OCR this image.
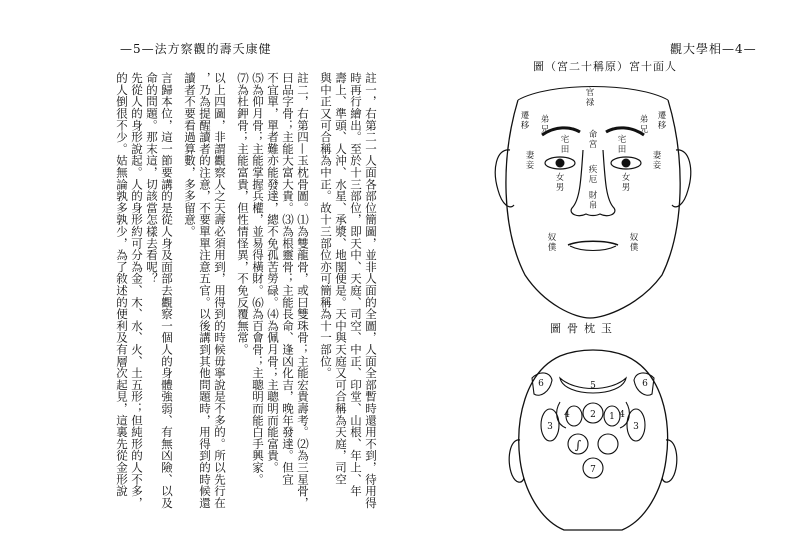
—5—法方察觀的壽夭康健
註一，右第二一人面各部位簡圖，並非人面的全圖，人面全部暫時還用不到，待用得
時再行繪出。至於十三部位，即天中、天庭、司空、中正、印堂、山根、年上、年
壽上、準頭、人沖、水星、承漿、地閣便是。天中與天庭又可合稱為天庭，司空
與中正又可合稱為中正。故十三部位亦可簡稱為十一部位。
註二，右第四—玉枕骨圖。⑴為雙龍骨，或曰雙珠骨；主能宏貴壽考。⑵為三星骨，
曰品字骨；主能大富大貴。⑶為根靈骨；主能長命、逢凶化吉，晚年發達。但宜
不宜單，單者難亦能發達，總不免孤苦勞碌。⑷為佩月骨；主聰明而能富貴。
⑸為仰月骨；主能掌握兵權，並易得橫財。⑹為百會骨；主聰明而能白手興家。
⑺為杜鉀骨；主能富貴，但性情怪異，不免反覆無常。
以上四圖，非謂觀察人之天壽必須用到，用得到的時候毋寧說是不多的。所以先行在
，乃為提醒讀者的注意，不要單單注意五官。以後講到其他問題時，用得到的時候還
讀者不要看過算數，多多留意。
言歸本位，這一節要講的是從人身及面部去觀察一個人的身體強弱、有無凶險、以及
命的問題。那末這，切該當怎樣去看呢？
先從人的身形說起。人的身形約可分為金、木、水、火、土五形；但純形的人不多，
的人倒很不少。姑無論孰多孰少，為了敘述的便利及有層次起見，這裏先從金形說
觀大學相—4—
圖（宮二十稱原）宮十面人
官禄
遷移
遷移
弟兄
弟兄
宅田
宅田
命宮
妻妾
妻妾
女男
女男
疾厄
財帛
奴僕
奴僕
∫
5
6	6
2 1
4	4
3	3
7
圖骨枕玉
